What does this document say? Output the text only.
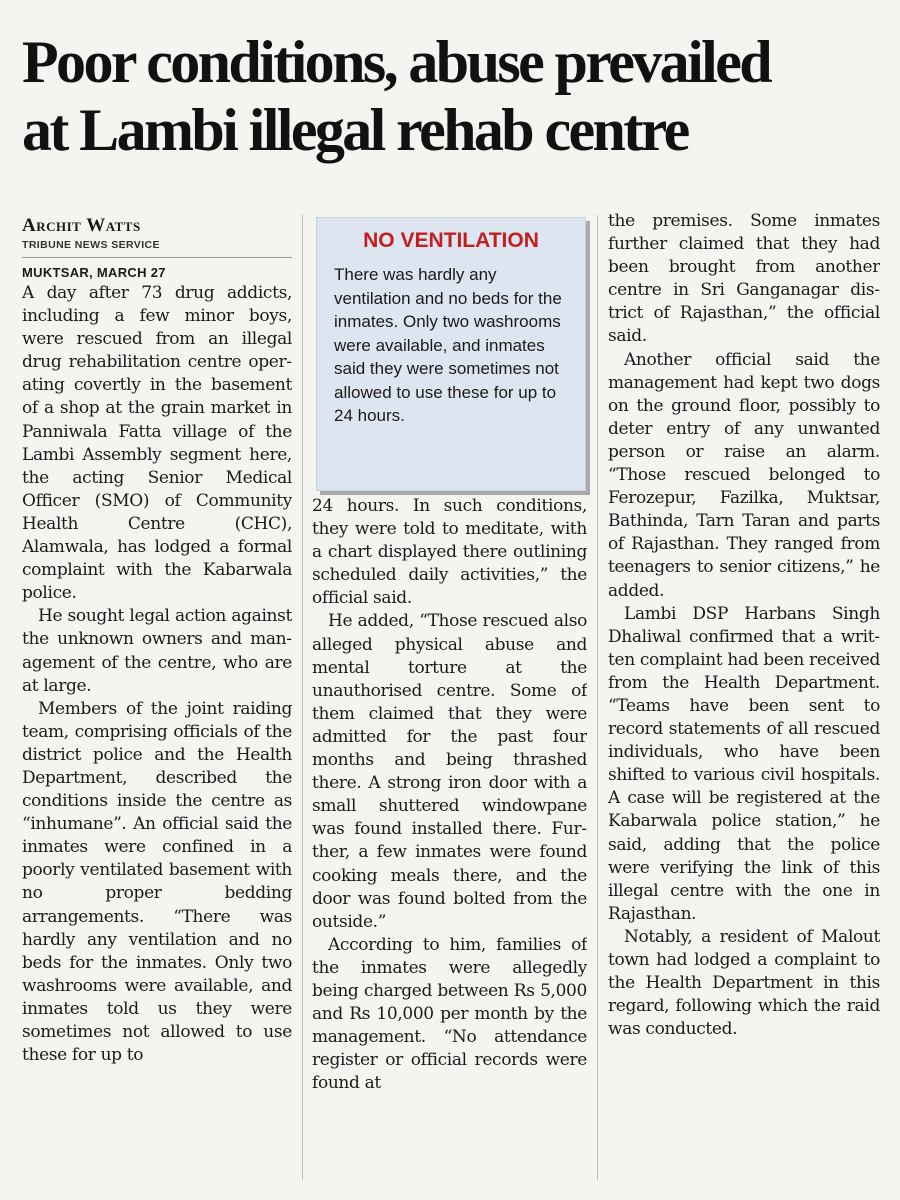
Poor conditions, abuse prevailed
at Lambi illegal rehab centre
Archit Watts
TRIBUNE NEWS SERVICE
MUKTSAR, MARCH 27

A day after 73 drug addicts, including a few minor boys, were rescued from an illegal drug rehabilitation centre operating covertly in the basement of a shop at the grain market in Panniwala Fatta village of the Lambi Assembly segment here, the acting Senior Medical Officer (SMO) of Community Health Centre (CHC), Alamwala, has lodged a formal complaint with the Kabarwala police.

He sought legal action against the unknown owners and management of the centre, who are at large.

Members of the joint raiding team, comprising officials of the district police and the Health Department, described the conditions inside the centre as “inhumane”. An official said the inmates were confined in a poorly ventilated basement with no proper bedding arrangements. “There was hardly any ventilation and no beds for the inmates. Only two washrooms were available, and inmates told us they were sometimes not allowed to use these for up to

NO VENTILATION
There was hardly any ventilation and no beds for the inmates. Only two washrooms were available, and inmates said they were sometimes not allowed to use these for up to 24 hours.

24 hours. In such conditions, they were told to meditate, with a chart displayed there outlining scheduled daily activities,” the official said.

He added, “Those rescued also alleged physical abuse and mental torture at the unauthorised centre. Some of them claimed that they were admitted for the past four months and being thrashed there. A strong iron door with a small shuttered windowpane was found installed there. Further, a few inmates were found cooking meals there, and the door was found bolted from the outside.”

According to him, families of the inmates were allegedly being charged between Rs 5,000 and Rs 10,000 per month by the management. “No attendance register or official records were found at

the premises. Some inmates further claimed that they had been brought from another centre in Sri Ganganagar district of Rajasthan,” the official said.

Another official said the management had kept two dogs on the ground floor, possibly to deter entry of any unwanted person or raise an alarm. “Those rescued belonged to Ferozepur, Fazilka, Muktsar, Bathinda, Tarn Taran and parts of Rajasthan. They ranged from teenagers to senior citizens,” he added.

Lambi DSP Harbans Singh Dhaliwal confirmed that a written complaint had been received from the Health Department. “Teams have been sent to record statements of all rescued individuals, who have been shifted to various civil hospitals. A case will be registered at the Kabarwala police station,” he said, adding that the police were verifying the link of this illegal centre with the one in Rajasthan.

Notably, a resident of Malout town had lodged a complaint to the Health Department in this regard, following which the raid was conducted.
